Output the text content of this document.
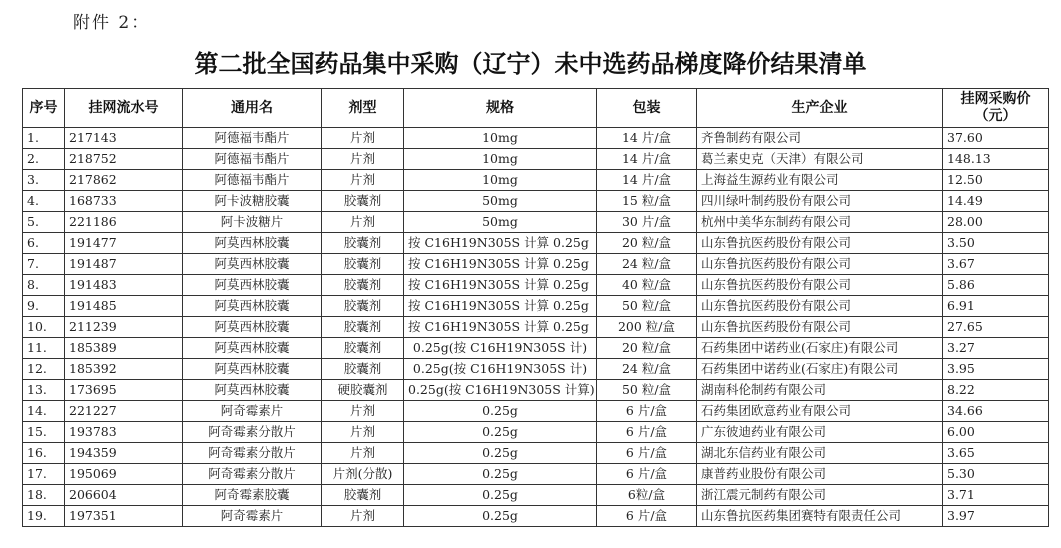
附件 2：
第二批全国药品集中采购（辽宁）未中选药品梯度降价结果清单
序号	挂网流水号	通用名	剂型	规格	包装	生产企业	挂网采购价
（元）

1.	217143	阿德福韦酯片	片剂	10mg	14 片/盒	齐鲁制药有限公司	37.60
2.	218752	阿德福韦酯片	片剂	10mg	14 片/盒	葛兰素史克（天津）有限公司	148.13
3.	217862	阿德福韦酯片	片剂	10mg	14 片/盒	上海益生源药业有限公司	12.50
4.	168733	阿卡波糖胶囊	胶囊剂	50mg	15 粒/盒	四川绿叶制药股份有限公司	14.49
5.	221186	阿卡波糖片	片剂	50mg	30 片/盒	杭州中美华东制药有限公司	28.00
6.	191477	阿莫西林胶囊	胶囊剂	按 C16H19N305S 计算 0.25g	20 粒/盒	山东鲁抗医药股份有限公司	3.50
7.	191487	阿莫西林胶囊	胶囊剂	按 C16H19N305S 计算 0.25g	24 粒/盒	山东鲁抗医药股份有限公司	3.67
8.	191483	阿莫西林胶囊	胶囊剂	按 C16H19N305S 计算 0.25g	40 粒/盒	山东鲁抗医药股份有限公司	5.86
9.	191485	阿莫西林胶囊	胶囊剂	按 C16H19N305S 计算 0.25g	50 粒/盒	山东鲁抗医药股份有限公司	6.91
10.	211239	阿莫西林胶囊	胶囊剂	按 C16H19N305S 计算 0.25g	200 粒/盒	山东鲁抗医药股份有限公司	27.65
11.	185389	阿莫西林胶囊	胶囊剂	0.25g(按 C16H19N305S 计)	20 粒/盒	石药集团中诺药业(石家庄)有限公司	3.27
12.	185392	阿莫西林胶囊	胶囊剂	0.25g(按 C16H19N305S 计)	24 粒/盒	石药集团中诺药业(石家庄)有限公司	3.95
13.	173695	阿莫西林胶囊	硬胶囊剂	0.25g(按 C16H19N305S 计算)	50 粒/盒	湖南科伦制药有限公司	8.22
14.	221227	阿奇霉素片	片剂	0.25g	6 片/盒	石药集团欧意药业有限公司	34.66
15.	193783	阿奇霉素分散片	片剂	0.25g	6 片/盒	广东彼迪药业有限公司	6.00
16.	194359	阿奇霉素分散片	片剂	0.25g	6 片/盒	湖北东信药业有限公司	3.65
17.	195069	阿奇霉素分散片	片剂(分散)	0.25g	6 片/盒	康普药业股份有限公司	5.30
18.	206604	阿奇霉素胶囊	胶囊剂	0.25g	6粒/盒	浙江震元制药有限公司	3.71
19.	197351	阿奇霉素片	片剂	0.25g	6 片/盒	山东鲁抗医药集团赛特有限责任公司	3.97
